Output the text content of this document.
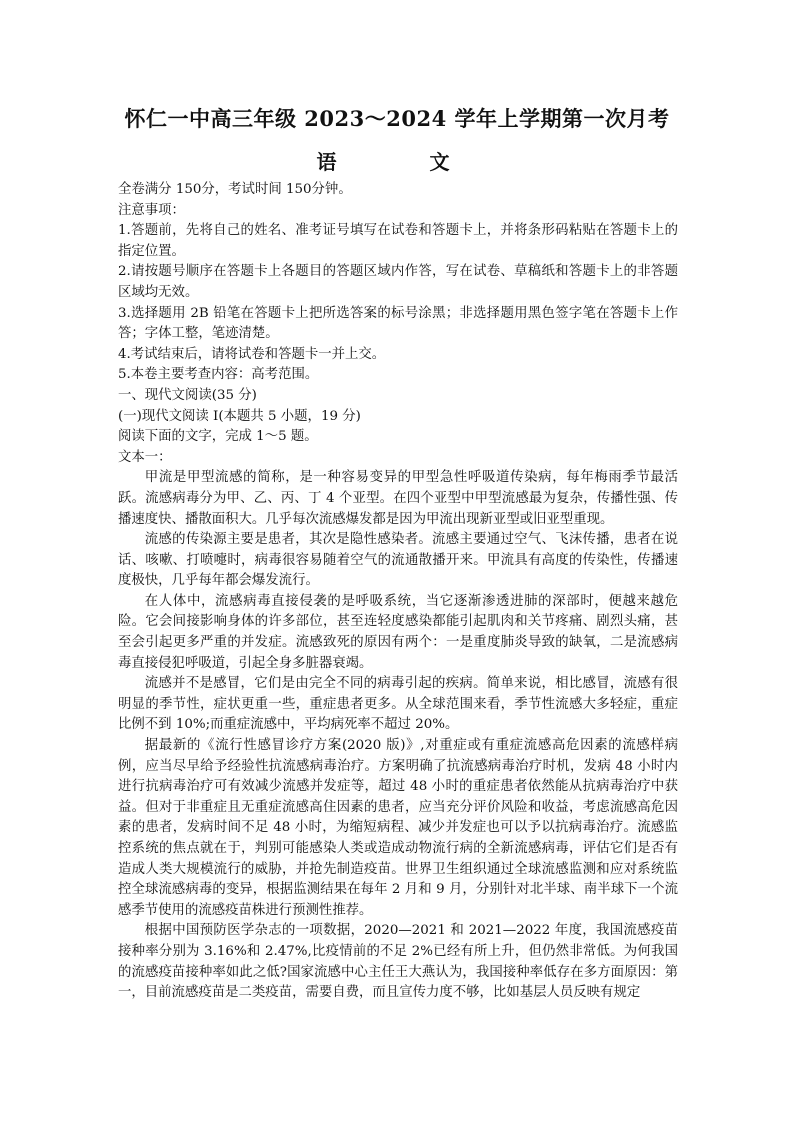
怀仁一中高三年级 2023～2024 学年上学期第一次月考
语 文

全卷满分 150分，考试时间 150分钟。

注意事项：

1.答题前，先将自己的姓名、准考证号填写在试卷和答题卡上，并将条形码粘贴在答题卡上的指定位置。

2.请按题号顺序在答题卡上各题目的答题区域内作答，写在试卷、草稿纸和答题卡上的非答题区域均无效。

3.选择题用 2B 铅笔在答题卡上把所选答案的标号涂黑；非选择题用黑色签字笔在答题卡上作答；字体工整，笔迹清楚。

4.考试结束后，请将试卷和答题卡一并上交。

5.本卷主要考查内容：高考范围。

一、现代文阅读(35 分)

(一)现代文阅读 I(本题共 5 小题，19 分)

阅读下面的文字，完成 1～5 题。

文本一：

甲流是甲型流感的简称，是一种容易变异的甲型急性呼吸道传染病，每年梅雨季节最活跃。流感病毒分为甲、乙、丙、丁 4 个亚型。在四个亚型中甲型流感最为复杂，传播性强、传播速度快、播散面积大。几乎每次流感爆发都是因为甲流出现新亚型或旧亚型重现。

流感的传染源主要是患者，其次是隐性感染者。流感主要通过空气、飞沫传播，患者在说话、咳嗽、打喷嚏时，病毒很容易随着空气的流通散播开来。甲流具有高度的传染性，传播速度极快，几乎每年都会爆发流行。

在人体中，流感病毒直接侵袭的是呼吸系统，当它逐渐渗透进肺的深部时，便越来越危险。它会间接影响身体的许多部位，甚至连轻度感染都能引起肌肉和关节疼痛、剧烈头痛，甚至会引起更多严重的并发症。流感致死的原因有两个：一是重度肺炎导致的缺氧，二是流感病毒直接侵犯呼吸道，引起全身多脏器衰竭。

流感并不是感冒，它们是由完全不同的病毒引起的疾病。简单来说，相比感冒，流感有很明显的季节性，症状更重一些，重症患者更多。从全球范围来看，季节性流感大多轻症，重症比例不到 10%;而重症流感中，平均病死率不超过 20%。

据最新的《流行性感冒诊疗方案(2020 版)》,对重症或有重症流感高危因素的流感样病例，应当尽早给予经验性抗流感病毒治疗。方案明确了抗流感病毒治疗时机，发病 48 小时内进行抗病毒治疗可有效减少流感并发症等，超过 48 小时的重症患者依然能从抗病毒治疗中获益。但对于非重症且无重症流感高住因素的患者，应当充分评价风险和收益，考虑流感高危因素的患者，发病时间不足 48 小时，为缩短病程、减少并发症也可以予以抗病毒治疗。流感监控系统的焦点就在于，判别可能感染人类或造成动物流行病的全新流感病毒，评估它们是否有造成人类大规模流行的威胁，并抢先制造疫苗。世界卫生组织通过全球流感监测和应对系统监控全球流感病毒的变异，根据监测结果在每年 2 月和 9 月，分别针对北半球、南半球下一个流感季节使用的流感疫苗株进行预测性推荐。

根据中国预防医学杂志的一项数据，2020—2021 和 2021—2022 年度，我国流感疫苗接种率分别为 3.16%和 2.47%,比疫情前的不足 2%已经有所上升，但仍然非常低。为何我国的流感疫苗接种率如此之低?国家流感中心主任王大燕认为，我国接种率低存在多方面原因：第一，目前流感疫苗是二类疫苗，需要自费，而且宣传力度不够，比如基层人员反映有规定
